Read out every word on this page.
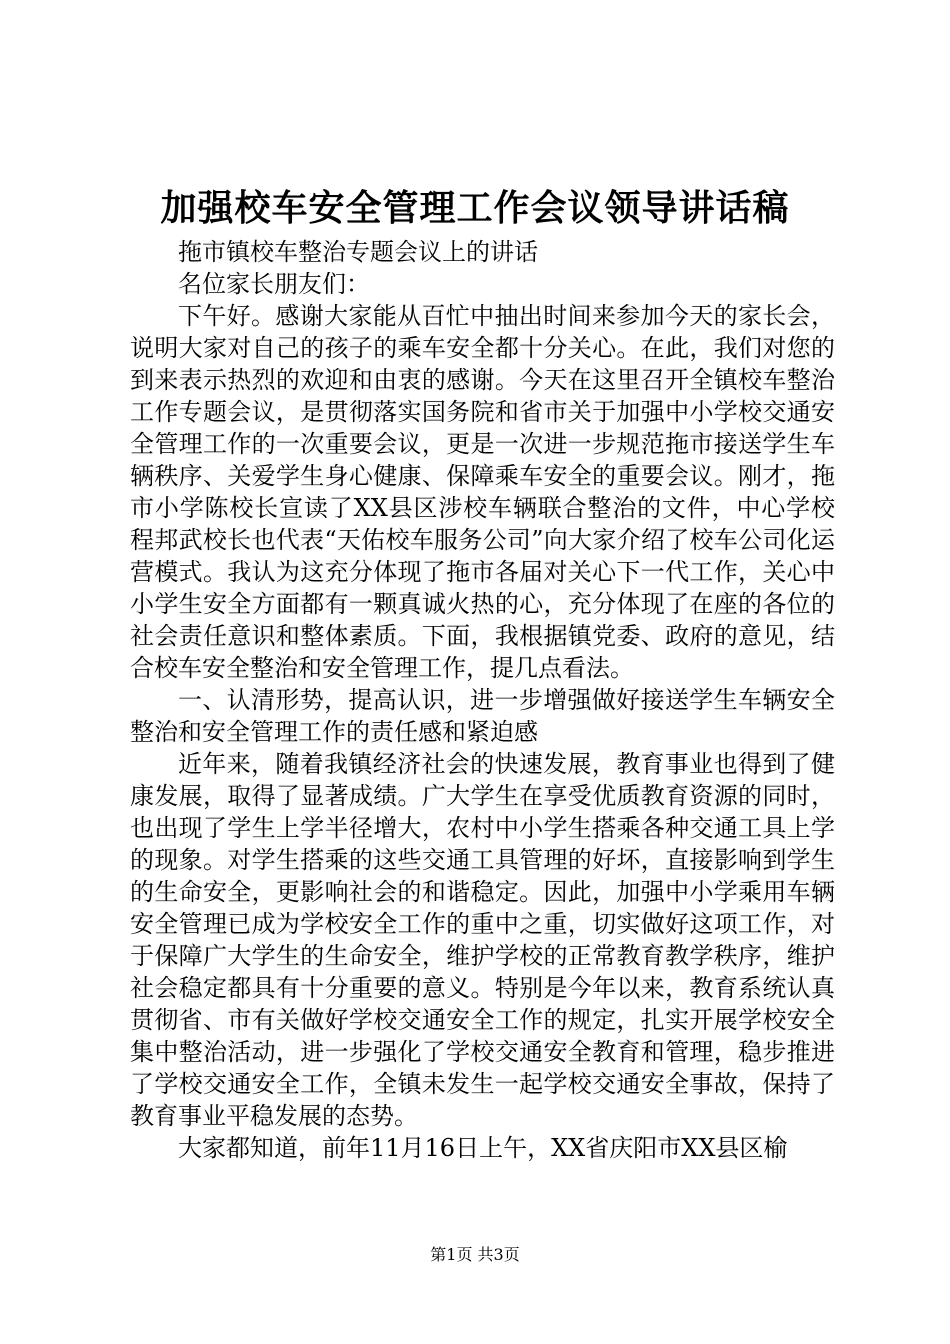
加强校车安全管理工作会议领导讲话稿

拖市镇校车整治专题会议上的讲话

名位家长朋友们：

下午好。感谢大家能从百忙中抽出时间来参加今天的家长会，说明大家对自己的孩子的乘车安全都十分关心。在此，我们对您的到来表示热烈的欢迎和由衷的感谢。今天在这里召开全镇校车整治工作专题会议，是贯彻落实国务院和省市关于加强中小学校交通安全管理工作的一次重要会议，更是一次进一步规范拖市接送学生车辆秩序、关爱学生身心健康、保障乘车安全的重要会议。刚才，拖市小学陈校长宣读了XX县区涉校车辆联合整治的文件，中心学校程邦武校长也代表“天佑校车服务公司”向大家介绍了校车公司化运营模式。我认为这充分体现了拖市各届对关心下一代工作，关心中小学生安全方面都有一颗真诚火热的心，充分体现了在座的各位的社会责任意识和整体素质。下面，我根据镇党委、政府的意见，结合校车安全整治和安全管理工作，提几点看法。

一、认清形势，提高认识，进一步增强做好接送学生车辆安全整治和安全管理工作的责任感和紧迫感

近年来，随着我镇经济社会的快速发展，教育事业也得到了健康发展，取得了显著成绩。广大学生在享受优质教育资源的同时，也出现了学生上学半径增大，农村中小学生搭乘各种交通工具上学的现象。对学生搭乘的这些交通工具管理的好坏，直接影响到学生的生命安全，更影响社会的和谐稳定。因此，加强中小学乘用车辆安全管理已成为学校安全工作的重中之重，切实做好这项工作，对于保障广大学生的生命安全，维护学校的正常教育教学秩序，维护社会稳定都具有十分重要的意义。特别是今年以来，教育系统认真贯彻省、市有关做好学校交通安全工作的规定，扎实开展学校安全集中整治活动，进一步强化了学校交通安全教育和管理，稳步推进了学校交通安全工作，全镇未发生一起学校交通安全事故，保持了教育事业平稳发展的态势。

大家都知道，前年11月16日上午，XX省庆阳市XX县区榆

第1页 共3页
